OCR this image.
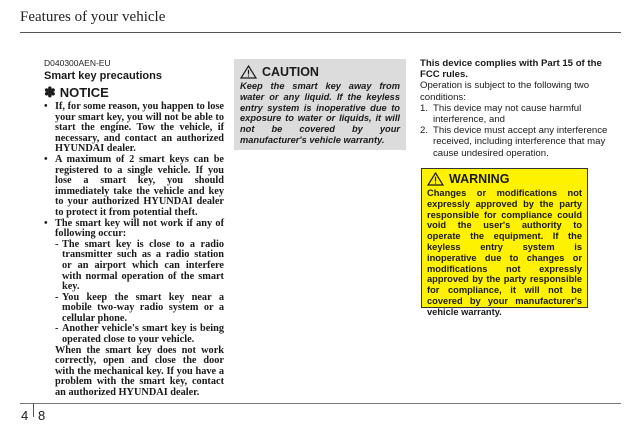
Features of your vehicle
D040300AEN-EU
Smart key precautions
✽ NOTICE
• If, for some reason, you happen to lose your smart key, you will not be able to start the engine. Tow the vehicle, if necessary, and contact an authorized HYUNDAI dealer.
• A maximum of 2 smart keys can be registered to a single vehicle. If you lose a smart key, you should immediately take the vehicle and key to your authorized HYUNDAI dealer to protect it from potential theft.
• The smart key will not work if any of following occur:
- The smart key is close to a radio transmitter such as a radio station or an airport which can interfere with normal operation of the smart key.
- You keep the smart key near a mobile two-way radio system or a cellular phone.
- Another vehicle's smart key is being operated close to your vehicle.
When the smart key does not work correctly, open and close the door with the mechanical key. If you have a problem with the smart key, contact an authorized HYUNDAI dealer.
CAUTION
Keep the smart key away from water or any liquid. If the keyless entry system is inoperative due to exposure to water or liquids, it will not be covered by your manufacturer's vehicle warranty.
This device complies with Part 15 of the FCC rules.
Operation is subject to the following two conditions:
1. This device may not cause harmful interference, and
2. This device must accept any interference received, including interference that may cause undesired operation.
WARNING
Changes or modifications not expressly approved by the party responsible for compliance could void the user's authority to operate the equipment. If the keyless entry system is inoperative due to changes or modifications not expressly approved by the party responsible for compliance, it will not be covered by your manufacturer's vehicle warranty.
4 8
